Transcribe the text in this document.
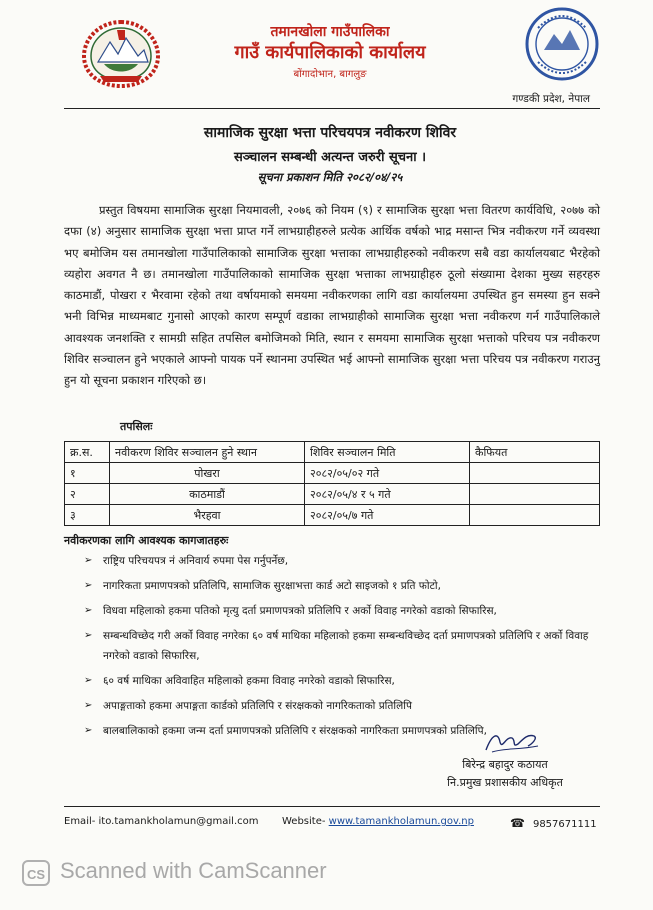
तमानखोला गाउँपालिका
गाउँ कार्यपालिकाको कार्यालय
बोंगादोभान, बागलुङ
गण्डकी प्रदेश, नेपाल
सामाजिक सुरक्षा भत्ता परिचयपत्र नवीकरण शिविर
सञ्चालन सम्बन्धी अत्यन्त जरुरी सूचना ।
सूचना प्रकाशन मिति २०८२/०४/२५

प्रस्तुत विषयमा सामाजिक सुरक्षा नियमावली, २०७६ को नियम (९) र सामाजिक सुरक्षा भत्ता वितरण कार्यविधि, २०७७ को दफा (४) अनुसार सामाजिक सुरक्षा भत्ता प्राप्त गर्ने लाभग्राहीहरुले प्रत्येक आर्थिक वर्षको भाद्र मसान्त भित्र नवीकरण गर्ने व्यवस्था भए बमोजिम यस तमानखोला गाउँपालिकाको सामाजिक सुरक्षा भत्ताका लाभग्राहीहरुको नवीकरण सबै वडा कार्यालयबाट भैरहेको व्यहोरा अवगत नै छ। तमानखोला गाउँपालिकाको सामाजिक सुरक्षा भत्ताका लाभग्राहीहरु ठूलो संख्यामा देशका मुख्य सहरहरु काठमाडौं, पोखरा र भैरवामा रहेको तथा वर्षायमाको समयमा नवीकरणका लागि वडा कार्यालयमा उपस्थित हुन समस्या हुन सक्ने भनी विभिन्न माध्यमबाट गुनासो आएको कारण सम्पूर्ण वडाका लाभग्राहीको सामाजिक सुरक्षा भत्ता नवीकरण गर्न गाउँपालिकाले आवश्यक जनशक्ति र सामग्री सहित तपसिल बमोजिमको मिति, स्थान र समयमा सामाजिक सुरक्षा भत्ताको परिचय पत्र नवीकरण शिविर सञ्चालन हुने भएकाले आफ्नो पायक पर्ने स्थानमा उपस्थित भई आफ्नो सामाजिक सुरक्षा भत्ता परिचय पत्र नवीकरण गराउनु हुन यो सूचना प्रकाशन गरिएको छ।

तपसिलः
क्र.स.	नवीकरण शिविर सञ्चालन हुने स्थान	शिविर सञ्चालन मिति	कैफियत
१	पोखरा	२०८२/०५/०२ गते	
२	काठमाडौं	२०८२/०५/४ र ५ गते	
३	भैरहवा	२०८२/०५/७ गते	
नवीकरणका लागि आवश्यक कागजातहरुः
➢ राष्ट्रिय परिचयपत्र नं अनिवार्य रुपमा पेस गर्नुपर्नेछ,
➢ नागरिकता प्रमाणपत्रको प्रतिलिपि, सामाजिक सुरक्षाभत्ता कार्ड अटो साइजको १ प्रति फोटो,
➢ विधवा महिलाको हकमा पतिको मृत्यु दर्ता प्रमाणपत्रको प्रतिलिपि र अर्को विवाह नगरेको वडाको सिफारिस,
➢ सम्बन्धविच्छेद गरी अर्को विवाह नगरेका ६० वर्ष माथिका महिलाको हकमा सम्बन्धविच्छेद दर्ता प्रमाणपत्रको प्रतिलिपि र अर्को विवाह नगरेको वडाको सिफारिस,
➢ ६० वर्ष माथिका अविवाहित महिलाको हकमा विवाह नगरेको वडाको सिफारिस,
➢ अपाङ्गताको हकमा अपाङ्गता कार्डको प्रतिलिपि र संरक्षकको नागरिकताको प्रतिलिपि
➢ बालबालिकाको हकमा जन्म दर्ता प्रमाणपत्रको प्रतिलिपि र संरक्षकको नागरिकता प्रमाणपत्रको प्रतिलिपि,
बिरेन्द्र बहादुर कठायत
नि.प्रमुख प्रशासकीय अधिकृत
Email- ito.tamankholamun@gmail.com Website- www.tamankholamun.gov.np	☎ 9857671111
CS Scanned with CamScanner
